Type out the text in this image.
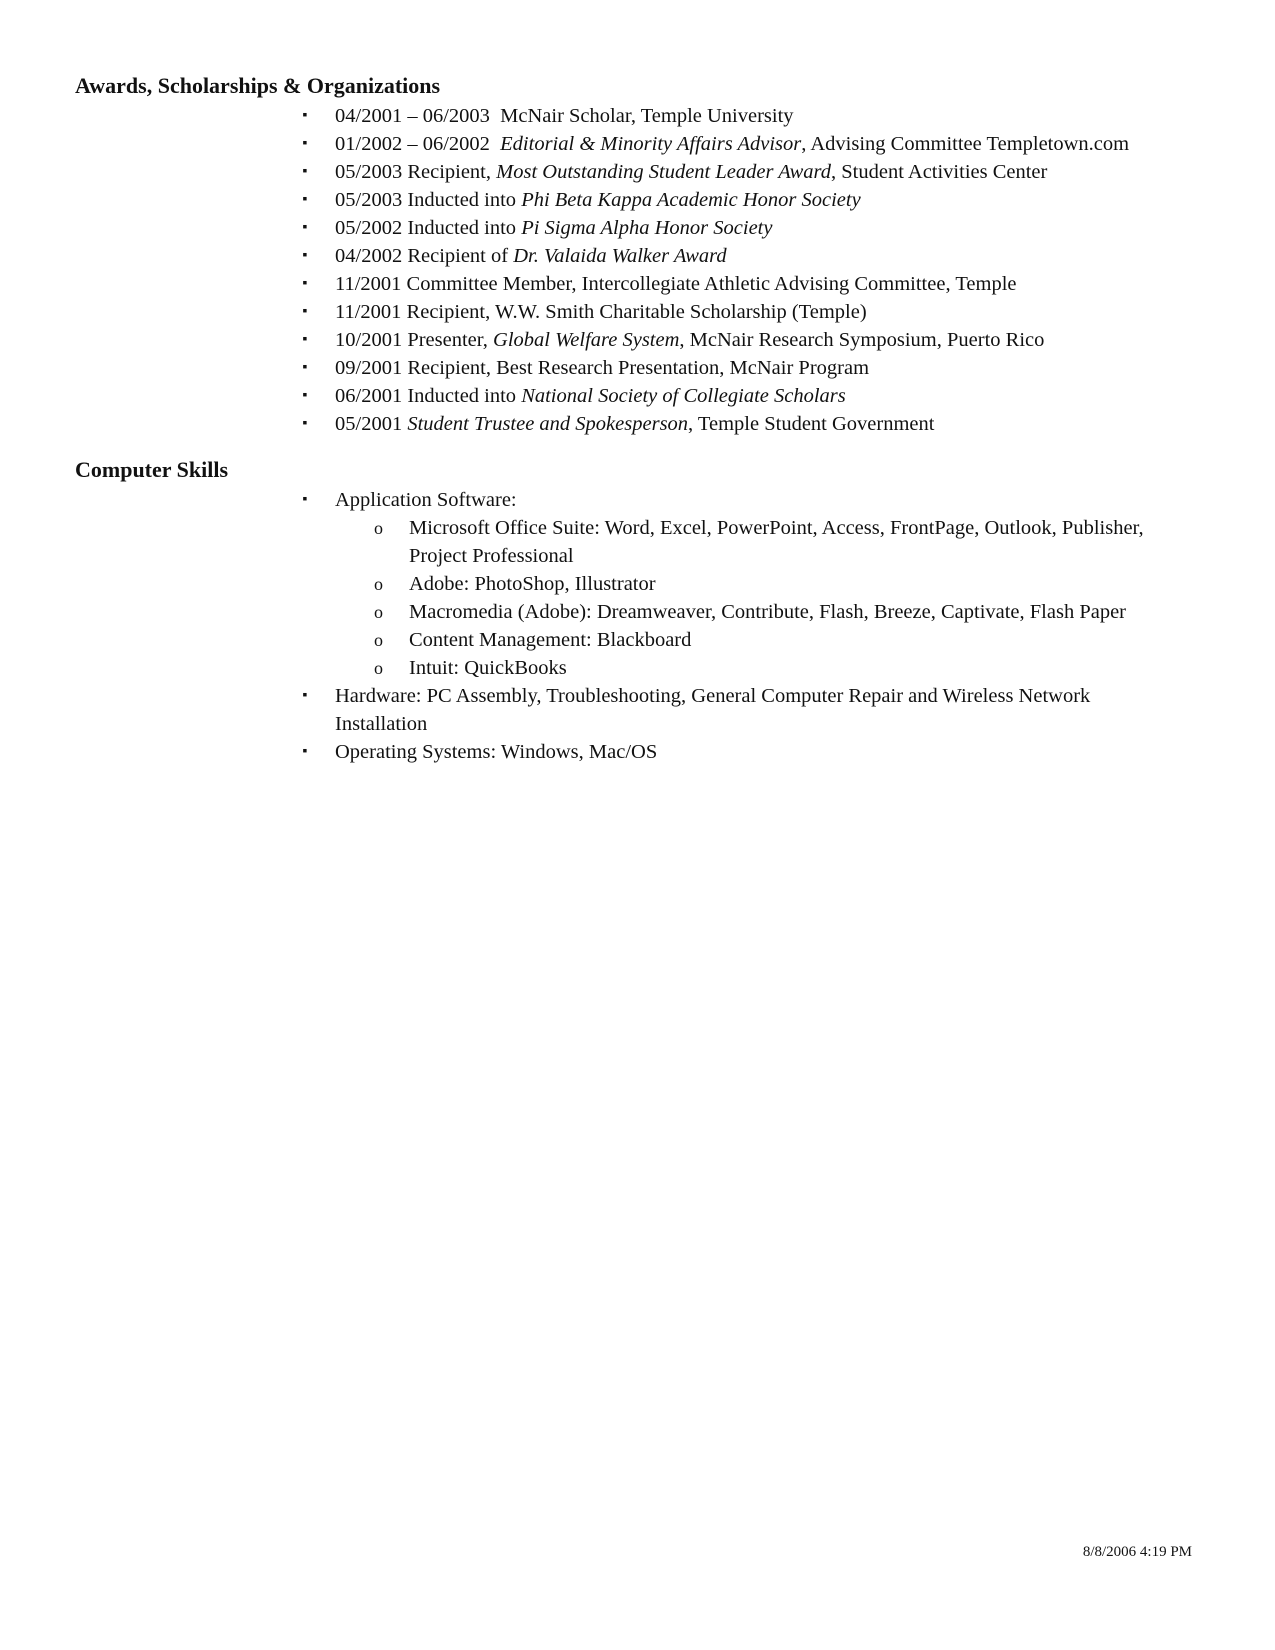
Awards, Scholarships & Organizations
▪ 04/2001 – 06/2003  McNair Scholar, Temple University
▪ 01/2002 – 06/2002  Editorial & Minority Affairs Advisor, Advising Committee Templetown.com
▪ 05/2003 Recipient, Most Outstanding Student Leader Award, Student Activities Center
▪ 05/2003 Inducted into Phi Beta Kappa Academic Honor Society
▪ 05/2002 Inducted into Pi Sigma Alpha Honor Society
▪ 04/2002 Recipient of Dr. Valaida Walker Award
▪ 11/2001 Committee Member, Intercollegiate Athletic Advising Committee, Temple
▪ 11/2001 Recipient, W.W. Smith Charitable Scholarship (Temple)
▪ 10/2001 Presenter, Global Welfare System, McNair Research Symposium, Puerto Rico
▪ 09/2001 Recipient, Best Research Presentation, McNair Program
▪ 06/2001 Inducted into National Society of Collegiate Scholars
▪ 05/2001 Student Trustee and Spokesperson, Temple Student Government
Computer Skills
▪ Application Software:
o Microsoft Office Suite: Word, Excel, PowerPoint, Access, FrontPage, Outlook, Publisher, Project Professional
o Adobe: PhotoShop, Illustrator
o Macromedia (Adobe): Dreamweaver, Contribute, Flash, Breeze, Captivate, Flash Paper
o Content Management: Blackboard
o Intuit: QuickBooks
▪ Hardware: PC Assembly, Troubleshooting, General Computer Repair and Wireless Network Installation
▪ Operating Systems: Windows, Mac/OS
8/8/2006 4:19 PM
